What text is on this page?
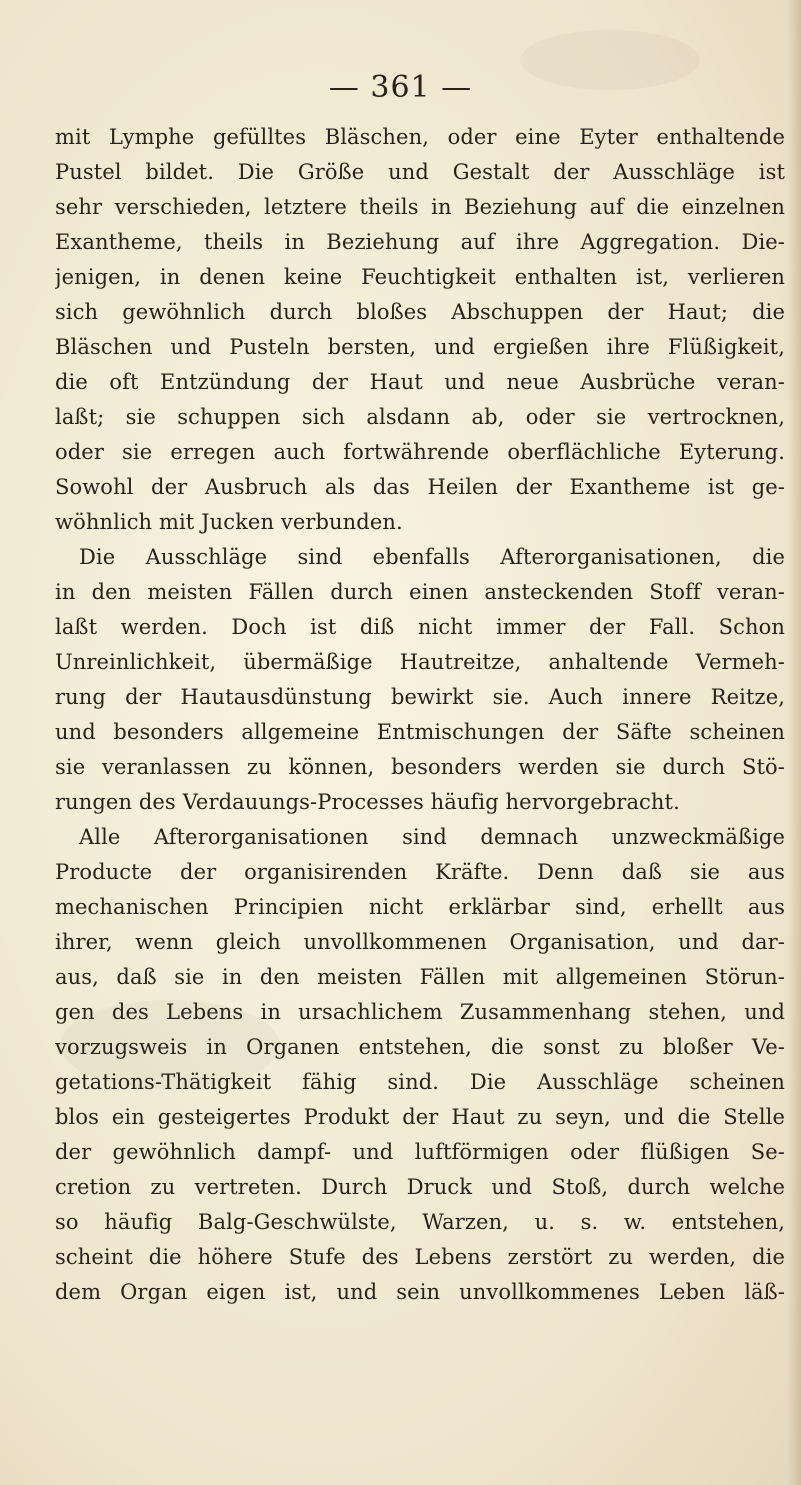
— 361 —
mit Lymphe gefülltes Bläschen, oder eine Eyter enthaltende
Pustel bildet. Die Größe und Gestalt der Ausschläge ist
sehr verschieden, letztere theils in Beziehung auf die einzelnen
Exantheme, theils in Beziehung auf ihre Aggregation. Die-
jenigen, in denen keine Feuchtigkeit enthalten ist, verlieren
sich gewöhnlich durch bloßes Abschuppen der Haut; die
Bläschen und Pusteln bersten, und ergießen ihre Flüßigkeit,
die oft Entzündung der Haut und neue Ausbrüche veran-
laßt; sie schuppen sich alsdann ab, oder sie vertrocknen,
oder sie erregen auch fortwährende oberflächliche Eyterung.
Sowohl der Ausbruch als das Heilen der Exantheme ist ge-
wöhnlich mit Jucken verbunden.
Die Ausschläge sind ebenfalls Afterorganisationen, die
in den meisten Fällen durch einen ansteckenden Stoff veran-
laßt werden. Doch ist diß nicht immer der Fall. Schon
Unreinlichkeit, übermäßige Hautreitze, anhaltende Vermeh-
rung der Hautausdünstung bewirkt sie. Auch innere Reitze,
und besonders allgemeine Entmischungen der Säfte scheinen
sie veranlassen zu können, besonders werden sie durch Stö-
rungen des Verdauungs-Processes häufig hervorgebracht.
Alle Afterorganisationen sind demnach unzweckmäßige
Producte der organisirenden Kräfte. Denn daß sie aus
mechanischen Principien nicht erklärbar sind, erhellt aus
ihrer, wenn gleich unvollkommenen Organisation, und dar-
aus, daß sie in den meisten Fällen mit allgemeinen Störun-
gen des Lebens in ursachlichem Zusammenhang stehen, und
vorzugsweis in Organen entstehen, die sonst zu bloßer Ve-
getations-Thätigkeit fähig sind. Die Ausschläge scheinen
blos ein gesteigertes Produkt der Haut zu seyn, und die Stelle
der gewöhnlich dampf- und luftförmigen oder flüßigen Se-
cretion zu vertreten. Durch Druck und Stoß, durch welche
so häufig Balg-Geschwülste, Warzen, u. s. w. entstehen,
scheint die höhere Stufe des Lebens zerstört zu werden, die
dem Organ eigen ist, und sein unvollkommenes Leben läß-
